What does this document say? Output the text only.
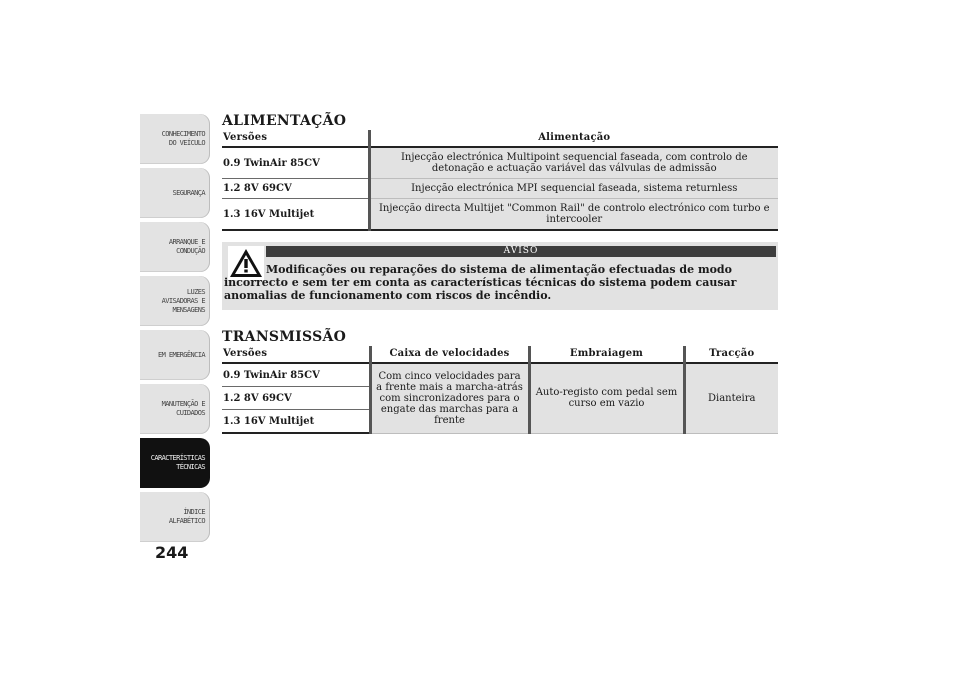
CONHECIMENTO
DO VEÍCULO
SEGURANÇA
ARRANQUE E
CONDUÇÃO
LUZES
AVISADORAS E
MENSAGENS
EM EMERGÊNCIA
MANUTENÇÃO E
CUIDADOS
CARACTERÍSTICAS
TÉCNICAS
ÍNDICE
ALFABÉTICO
244
ALIMENTAÇÃO
Versões	Alimentação
0.9 TwinAir 85CV	Injecção electrónica Multipoint sequencial faseada, com controlo de detonação e actuação variável das válvulas de admissão
1.2 8V 69CV	Injecção electrónica MPI sequencial faseada, sistema returnless
1.3 16V Multijet	Injecção directa Multijet "Common Rail" de controlo electrónico com turbo e intercooler
AVISO
Modificações ou reparações do sistema de alimentação efectuadas de modo incorrecto e sem ter em conta as características técnicas do sistema podem causar anomalias de funcionamento com riscos de incêndio.
TRANSMISSÃO
Versões	Caixa de velocidades	Embraiagem	Tracção
0.9 TwinAir 85CV	Com cinco velocidades para a frente mais a marcha-atrás com sincronizadores para o engate das marchas para a frente	Auto-registo com pedal sem curso em vazio	Dianteira
1.2 8V 69CV			
1.3 16V Multijet			
